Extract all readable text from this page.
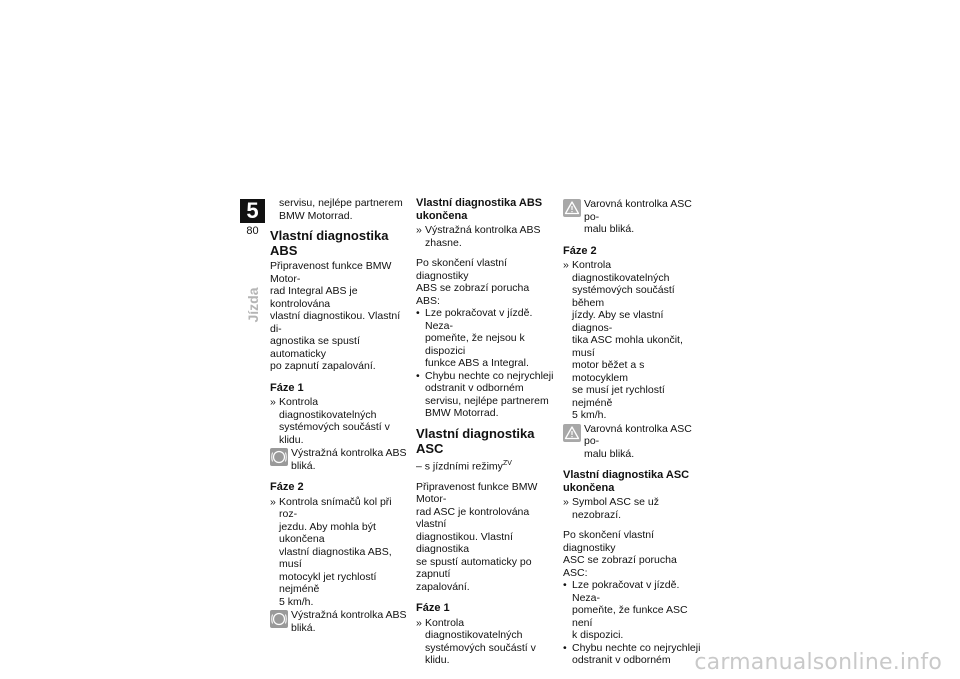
5
80
Jízda

servisu, nejlépe partnerem

BMW Motorrad.

Vlastní diagnostika ABS

Připravenost funkce BMW Motor-

rad Integral ABS je kontrolována

vlastní diagnostikou. Vlastní di-

agnostika se spustí automaticky

po zapnutí zapalování.

Fáze 1
» Kontrola diagnostikovatelných

systémových součástí v klidu.

Výstražná kontrolka ABS

bliká.

Fáze 2
» Kontrola snímačů kol při roz-

jezdu. Aby mohla být ukončena

vlastní diagnostika ABS, musí

motocykl jet rychlostí nejméně

5 km/h.

Výstražná kontrolka ABS

bliká.

Vlastní diagnostika ABS
ukončena
» Výstražná kontrolka ABS

zhasne.

Po skončení vlastní diagnostiky

ABS se zobrazí porucha ABS:

• Lze pokračovat v jízdě. Neza-

pomeňte, že nejsou k dispozici

funkce ABS a Integral.

• Chybu nechte co nejrychleji

odstranit v odborném

servisu, nejlépe partnerem

BMW Motorrad.

Vlastní diagnostika ASC

– s jízdními režimy$^{ZV}$

Připravenost funkce BMW Motor-

rad ASC je kontrolována vlastní

diagnostikou. Vlastní diagnostika

se spustí automaticky po zapnutí

zapalování.

Fáze 1
» Kontrola diagnostikovatelných

systémových součástí v klidu.

Varovná kontrolka ASC po-

malu bliká.

Fáze 2
» Kontrola diagnostikovatelných

systémových součástí během

jízdy. Aby se vlastní diagnos-

tika ASC mohla ukončit, musí

motor běžet a s motocyklem

se musí jet rychlostí nejméně

5 km/h.

Varovná kontrolka ASC po-

malu bliká.

Vlastní diagnostika ASC
ukončena
» Symbol ASC se už nezobrazí.

Po skončení vlastní diagnostiky

ASC se zobrazí porucha ASC:

• Lze pokračovat v jízdě. Neza-

pomeňte, že funkce ASC není

k dispozici.

• Chybu nechte co nejrychleji

odstranit v odborném	carmanualsonline.info
